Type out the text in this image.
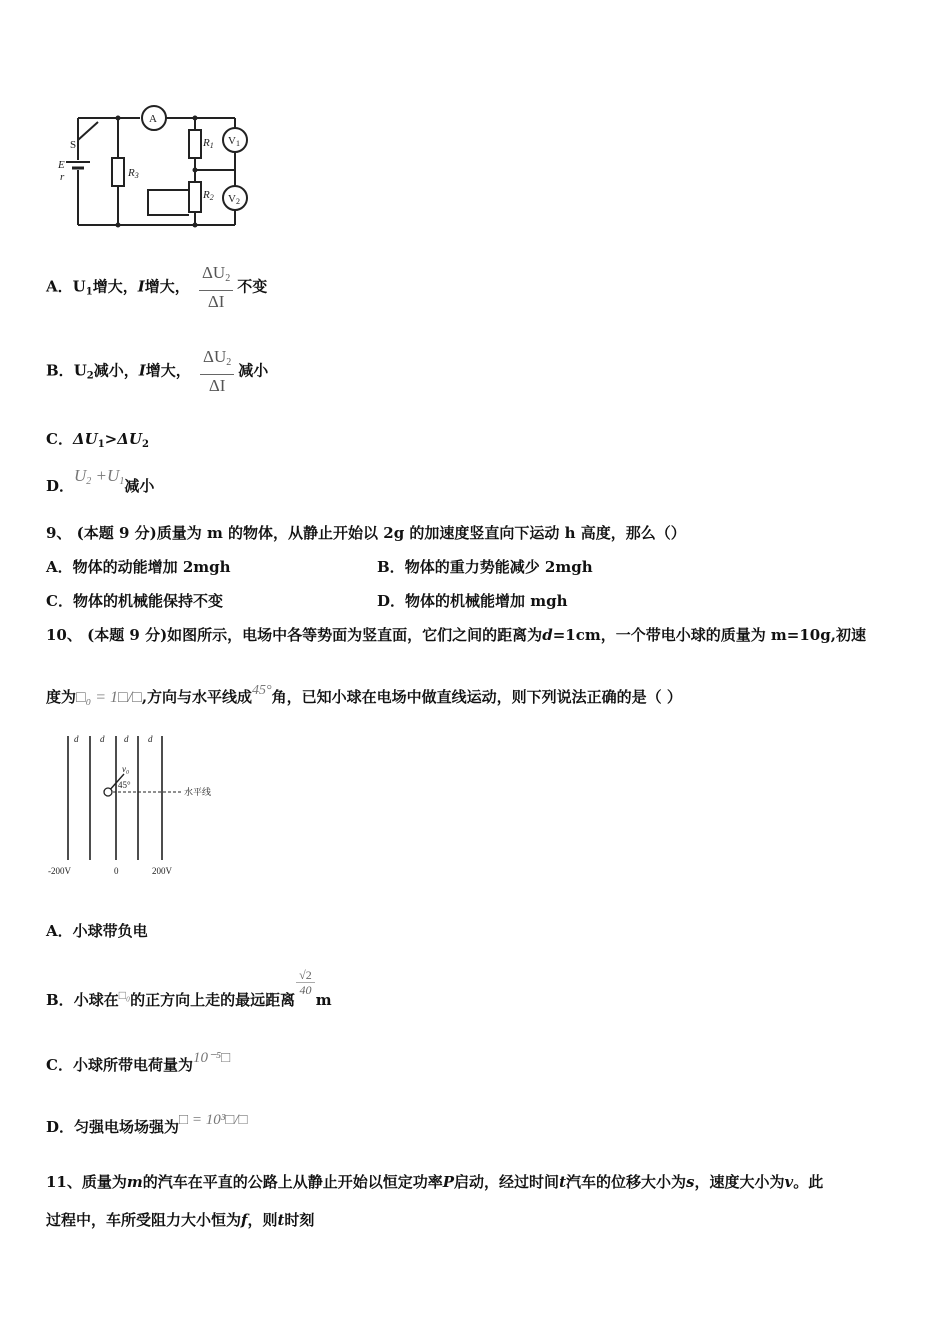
A
S
E
r	R3
R1
R2
V1
V2
A．$U_1$增大，I增大， $\frac{\Delta U_2}{\Delta I}$ 不变
B．$U_2$减小，I增大， $\frac{\Delta U_2}{\Delta I}$ 减小
C．$\Delta U_1>\Delta U_2$
D．$U_2 +U_1$减小
9、 (本题 9 分)质量为 m 的物体，从静止开始以 2g 的加速度竖直向下运动 h 高度，那么（）
A．物体的动能增加 2mgh	B．物体的重力势能减少 2mgh
C．物体的机械能保持不变	D．物体的机械能增加 mgh
10、 (本题 9 分)如图所示，电场中各等势面为竖直面，它们之间的距离为d=1cm，一个带电小球的质量为 m=10g,初速
度为□₀ = 1□/□,方向与水平线成45°角，已知小球在电场中做直线运动，则下列说法正确的是（ ）
d d d d
v₀
45°
水平线
-200V	0	200V
A．小球带负电
B．小球在$_{□_0}$的正方向上走的最远距离
$\frac{√2}{40}$
m
C．小球所带电荷量为10⁻⁵□
D．匀强电场场强为□ = 10³□/□
11、质量为m的汽车在平直的公路上从静止开始以恒定功率P启动，经过时间t汽车的位移大小为s，速度大小为v。此
过程中，车所受阻力大小恒为f，则t时刻
